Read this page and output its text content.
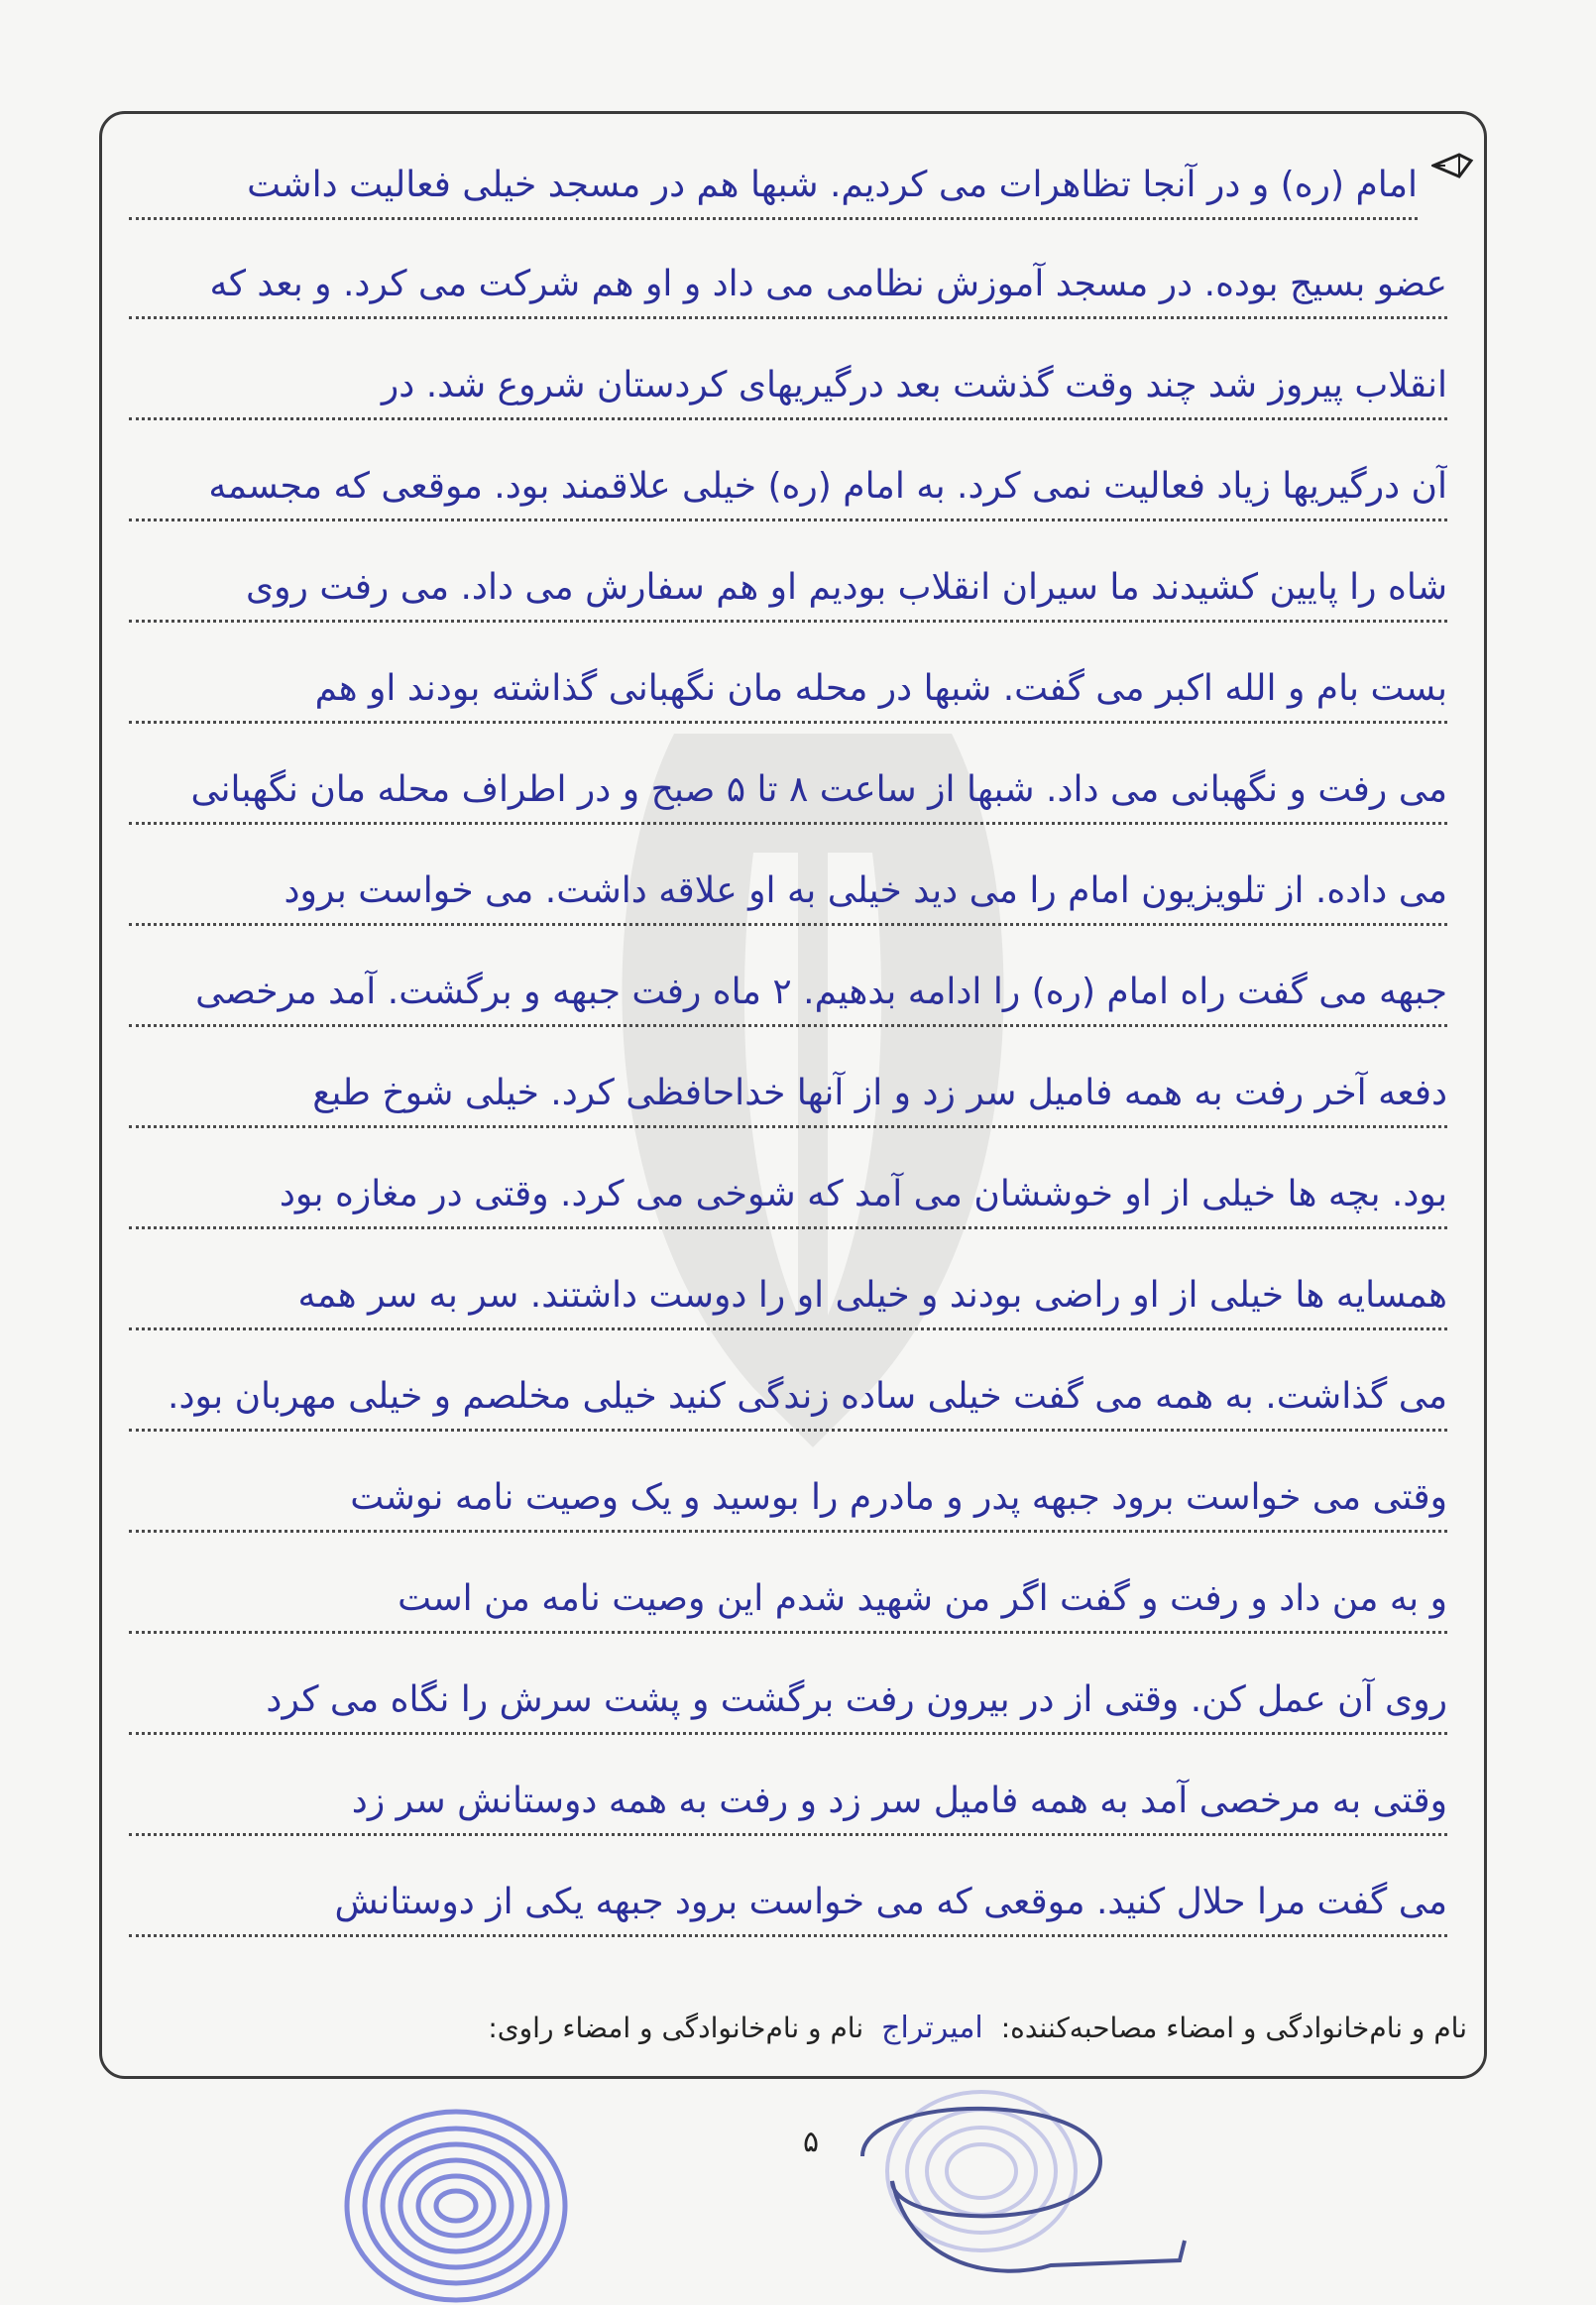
امام (ره) و در آنجا تظاهرات می کردیم. شبها هم در مسجد خیلی فعالیت داشت
عضو بسیج بوده. در مسجد آموزش نظامی می داد و او هم شرکت می کرد. و بعد که
انقلاب پیروز شد چند وقت گذشت بعد درگیریهای کردستان شروع شد. در
آن درگیریها زیاد فعالیت نمی کرد. به امام (ره) خیلی علاقمند بود. موقعی که مجسمه
شاه را پایین کشیدند ما سیران انقلاب بودیم او هم سفارش می داد. می رفت روی
بست بام و الله اکبر می گفت. شبها در محله مان نگهبانی گذاشته بودند او هم
می رفت و نگهبانی می داد. شبها از ساعت ۸ تا ۵ صبح و در اطراف محله مان نگهبانی
می داده. از تلویزیون امام را می دید خیلی به او علاقه داشت. می خواست برود
جبهه می گفت راه امام (ره) را ادامه بدهیم. ۲ ماه رفت جبهه و برگشت. آمد مرخصی
دفعه آخر رفت به همه فامیل سر زد و از آنها خداحافظی کرد. خیلی شوخ طبع
بود. بچه ها خیلی از او خوششان می آمد که شوخی می کرد. وقتی در مغازه بود
همسایه ها خیلی از او راضی بودند و خیلی او را دوست داشتند. سر به سر همه
می گذاشت. به همه می گفت خیلی ساده زندگی کنید خیلی مخلصم و خیلی مهربان بود.
وقتی می خواست برود جبهه پدر و مادرم را بوسید و یک وصیت نامه نوشت
و به من داد و رفت و گفت اگر من شهید شدم این وصیت نامه من است
روی آن عمل کن. وقتی از در بیرون رفت برگشت و پشت سرش را نگاه می کرد
وقتی به مرخصی آمد به همه فامیل سر زد و رفت به همه دوستانش سر زد
می گفت مرا حلال کنید. موقعی که می خواست برود جبهه یکی از دوستانش
نام و نام‌خانوادگی و امضاء مصاحبه‌کننده:
امیرتراج
نام و نام‌خانوادگی و امضاء راوی:
۵
